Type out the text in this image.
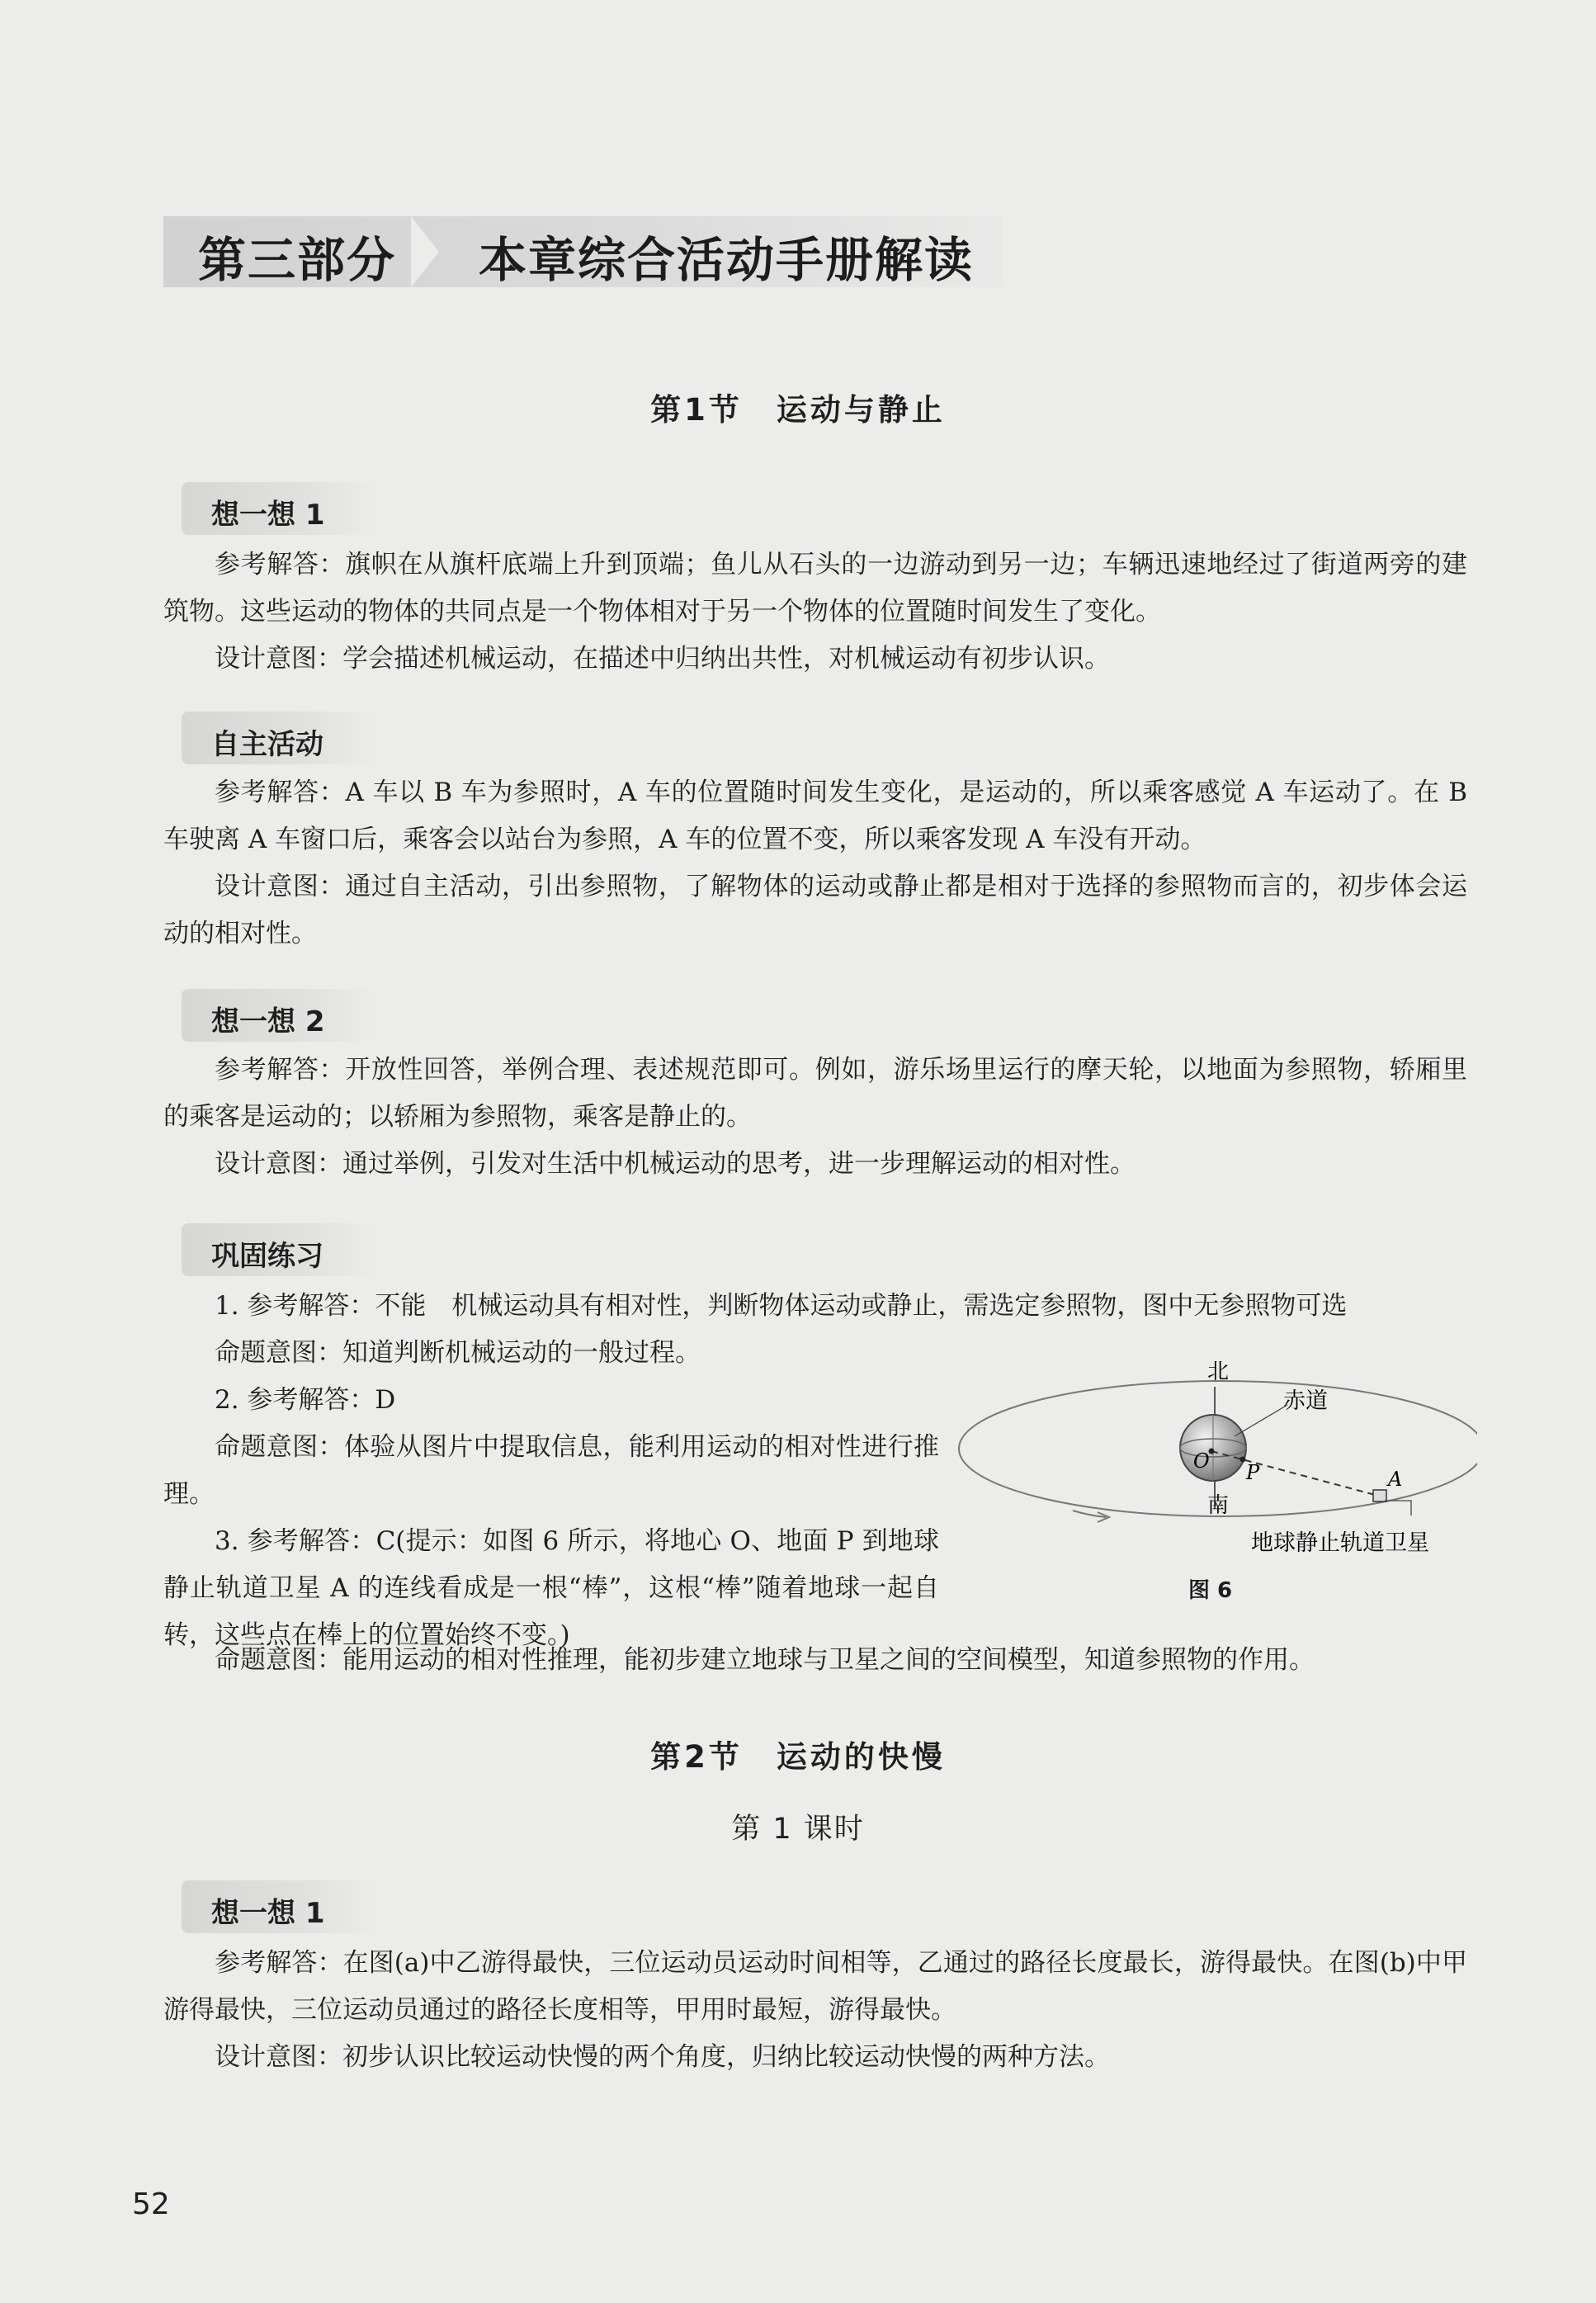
第三部分 本章综合活动手册解读
第1节　运动与静止
想一想 1

参考解答：旗帜在从旗杆底端上升到顶端；鱼儿从石头的一边游动到另一边；车辆迅速地经过了街道两旁的建筑物。这些运动的物体的共同点是一个物体相对于另一个物体的位置随时间发生了变化。

设计意图：学会描述机械运动，在描述中归纳出共性，对机械运动有初步认识。

自主活动

参考解答：A 车以 B 车为参照时，A 车的位置随时间发生变化，是运动的，所以乘客感觉 A 车运动了。在 B 车驶离 A 车窗口后，乘客会以站台为参照，A 车的位置不变，所以乘客发现 A 车没有开动。

设计意图：通过自主活动，引出参照物，了解物体的运动或静止都是相对于选择的参照物而言的，初步体会运动的相对性。

想一想 2

参考解答：开放性回答，举例合理、表述规范即可。例如，游乐场里运行的摩天轮，以地面为参照物，轿厢里的乘客是运动的；以轿厢为参照物，乘客是静止的。

设计意图：通过举例，引发对生活中机械运动的思考，进一步理解运动的相对性。

巩固练习

1. 参考解答：不能　机械运动具有相对性，判断物体运动或静止，需选定参照物，图中无参照物可选

命题意图：知道判断机械运动的一般过程。

2. 参考解答：D

命题意图：体验从图片中提取信息，能利用运动的相对性进行推理。

3. 参考解答：C(提示：如图 6 所示，将地心 O、地面 P 到地球静止轨道卫星 A 的连线看成是一根“棒”，这根“棒”随着地球一起自转，这些点在棒上的位置始终不变。)

命题意图：能用运动的相对性推理，能初步建立地球与卫星之间的空间模型，知道参照物的作用。

北
南
赤道
O P	A
地球静止轨道卫星
图 6
第2节　运动的快慢
第 1 课时
想一想 1

参考解答：在图(a)中乙游得最快，三位运动员运动时间相等，乙通过的路径长度最长，游得最快。在图(b)中甲游得最快，三位运动员通过的路径长度相等，甲用时最短，游得最快。

设计意图：初步认识比较运动快慢的两个角度，归纳比较运动快慢的两种方法。

52
